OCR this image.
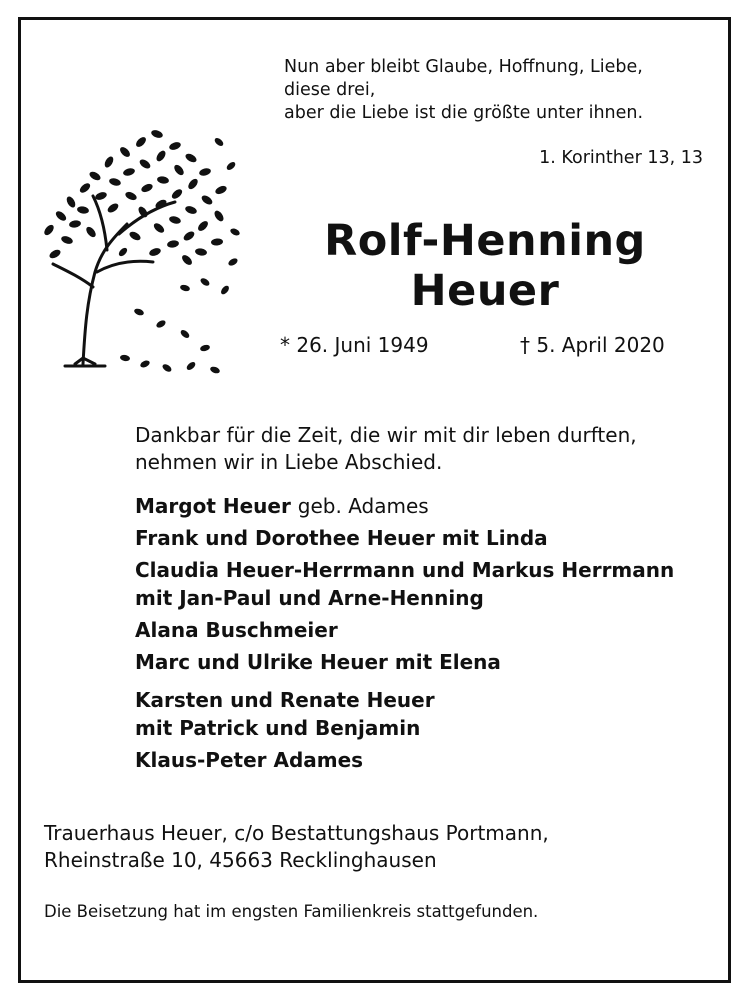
Nun aber bleibt Glaube, Hoffnung, Liebe,
diese drei,
aber die Liebe ist die größte unter ihnen.
1. Korinther 13, 13
Rolf-Henning
Heuer
* 26. Juni 1949	† 5. April 2020
Dankbar für die Zeit, die wir mit dir leben durften,
nehmen wir in Liebe Abschied.
Margot Heuer geb. Adames
Frank und Dorothee Heuer mit Linda
Claudia Heuer-Herrmann und Markus Herrmann
mit Jan-Paul und Arne-Henning
Alana Buschmeier
Marc und Ulrike Heuer mit Elena
Karsten und Renate Heuer
mit Patrick und Benjamin
Klaus-Peter Adames
Trauerhaus Heuer, c/o Bestattungshaus Portmann,
Rheinstraße 10, 45663 Recklinghausen
Die Beisetzung hat im engsten Familienkreis stattgefunden.
